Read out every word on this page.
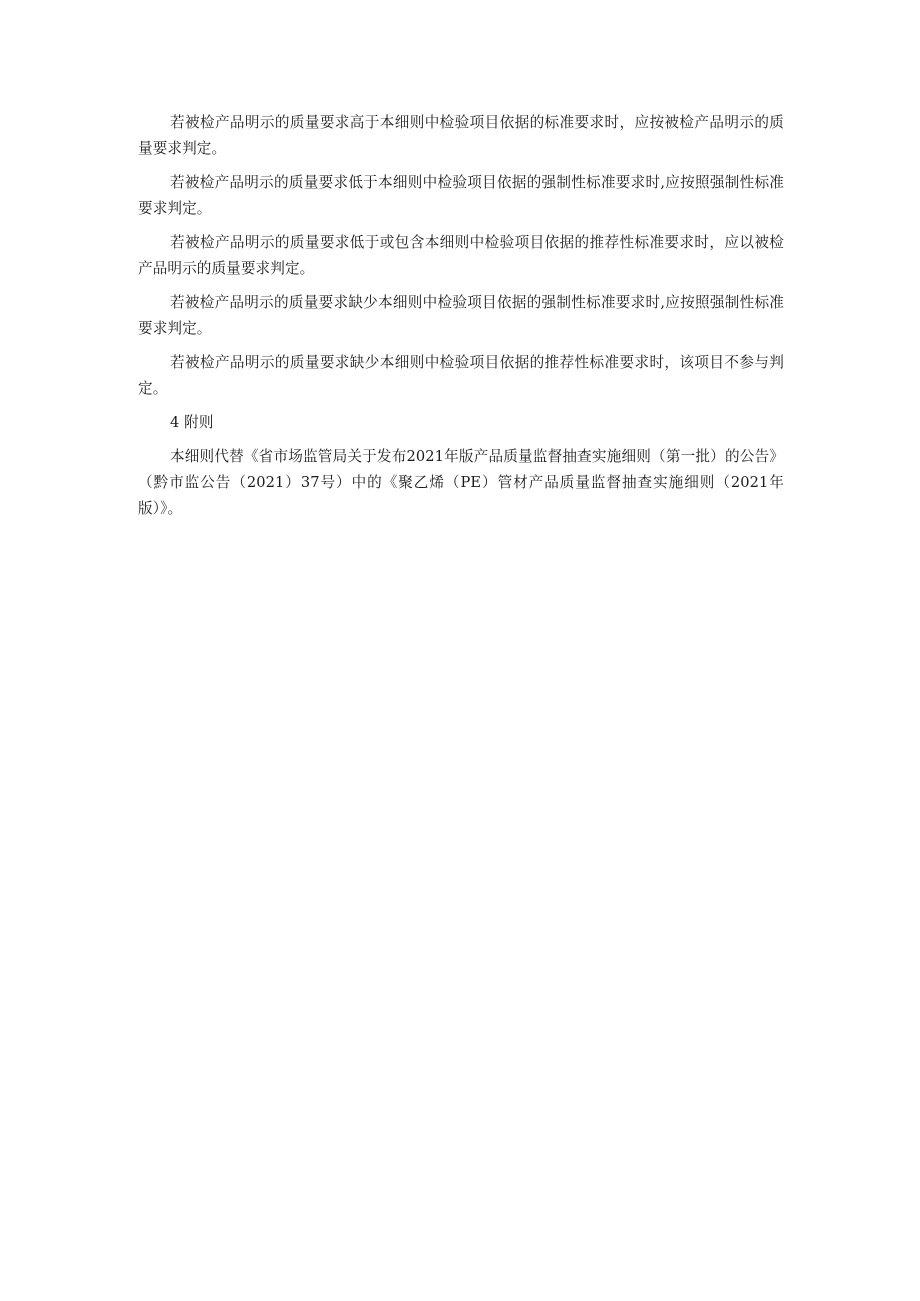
若被检产品明示的质量要求高于本细则中检验项目依据的标准要求时，应按被检产品明示的质量要求判定。

若被检产品明示的质量要求低于本细则中检验项目依据的强制性标准要求时,应按照强制性标准要求判定。

若被检产品明示的质量要求低于或包含本细则中检验项目依据的推荐性标准要求时，应以被检产品明示的质量要求判定。

若被检产品明示的质量要求缺少本细则中检验项目依据的强制性标准要求时,应按照强制性标准要求判定。

若被检产品明示的质量要求缺少本细则中检验项目依据的推荐性标准要求时，该项目不参与判定。

4 附则

本细则代替《省市场监管局关于发布2021年版产品质量监督抽查实施细则（第一批）的公告》（黔市监公告（2021）37号）中的《聚乙烯（PE）管材产品质量监督抽查实施细则（2021年版）》。
